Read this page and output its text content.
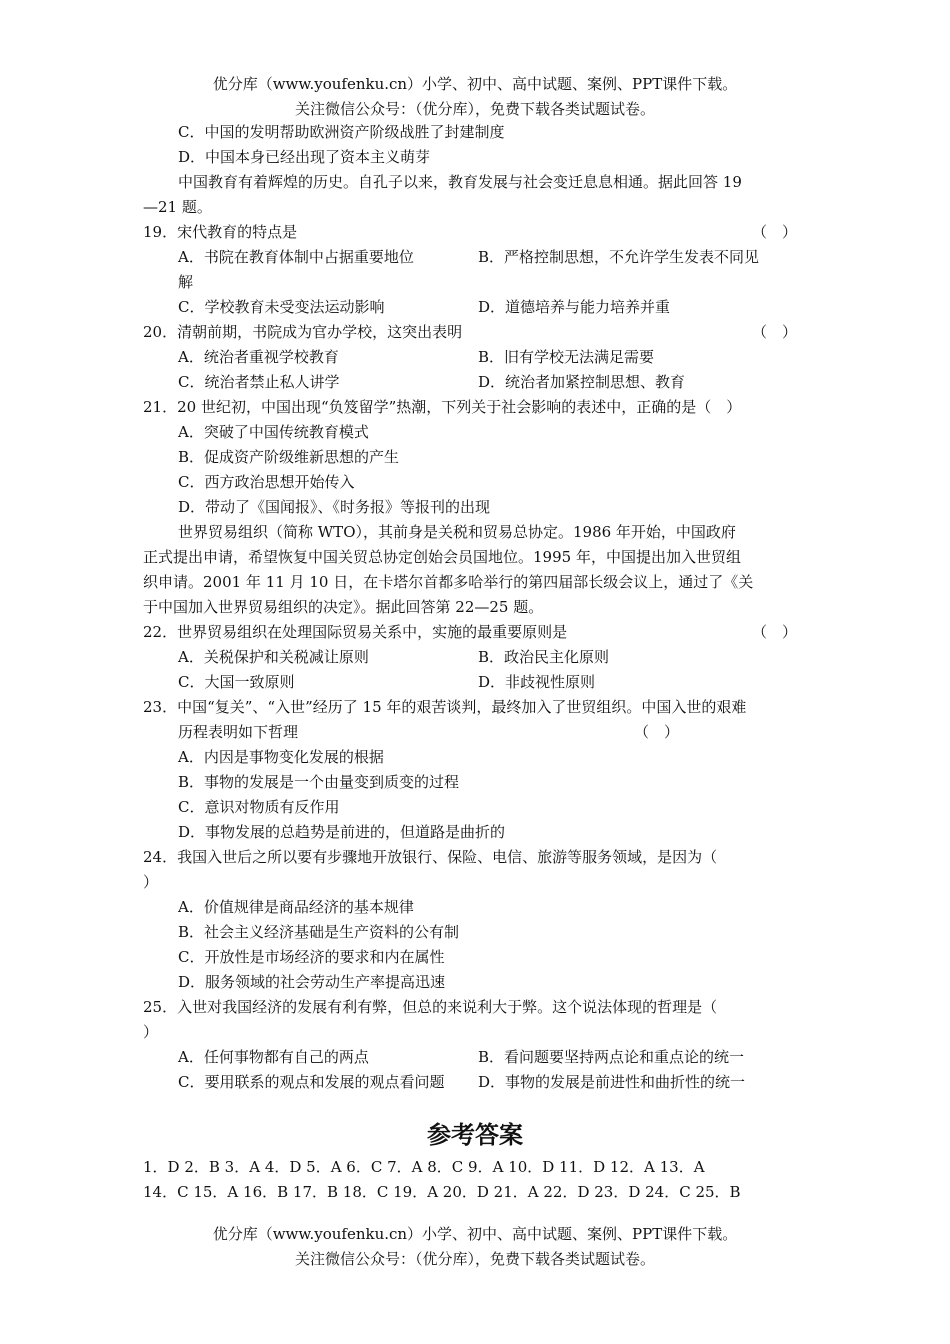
优分库（www.youfenku.cn）小学、初中、高中试题、案例、PPT课件下载。
关注微信公众号：（优分库），免费下载各类试题试卷。
C．中国的发明帮助欧洲资产阶级战胜了封建制度
D．中国本身已经出现了资本主义萌芽
中国教育有着辉煌的历史。自孔子以来，教育发展与社会变迁息息相通。据此回答 19
—21 题。
19．宋代教育的特点是	（　）
A．书院在教育体制中占据重要地位	B．严格控制思想，不允许学生发表不同见
解
C．学校教育未受变法运动影响	D．道德培养与能力培养并重
20．清朝前期，书院成为官办学校，这突出表明	（　）
A．统治者重视学校教育	B．旧有学校无法满足需要
C．统治者禁止私人讲学	D．统治者加紧控制思想、教育
21．20 世纪初，中国出现“负笈留学”热潮，下列关于社会影响的表述中，正确的是（　）
A．突破了中国传统教育模式
B．促成资产阶级维新思想的产生
C．西方政治思想开始传入
D．带动了《国闻报》、《时务报》等报刊的出现
世界贸易组织（简称 WTO），其前身是关税和贸易总协定。1986 年开始，中国政府
正式提出申请，希望恢复中国关贸总协定创始会员国地位。1995 年，中国提出加入世贸组
织申请。2001 年 11 月 10 日，在卡塔尔首都多哈举行的第四届部长级会议上，通过了《关
于中国加入世界贸易组织的决定》。据此回答第 22—25 题。
22．世界贸易组织在处理国际贸易关系中，实施的最重要原则是	（　）
A．关税保护和关税减让原则	B．政治民主化原则
C．大国一致原则	D．非歧视性原则
23．中国“复关”、“入世”经历了 15 年的艰苦谈判，最终加入了世贸组织。中国入世的艰难
历程表明如下哲理	（　）
A．内因是事物变化发展的根据
B．事物的发展是一个由量变到质变的过程
C．意识对物质有反作用
D．事物发展的总趋势是前进的，但道路是曲折的
24．我国入世后之所以要有步骤地开放银行、保险、电信、旅游等服务领域，是因为（
）
A．价值规律是商品经济的基本规律
B．社会主义经济基础是生产资料的公有制
C．开放性是市场经济的要求和内在属性
D．服务领域的社会劳动生产率提高迅速
25．入世对我国经济的发展有利有弊，但总的来说利大于弊。这个说法体现的哲理是（
）
A．任何事物都有自己的两点	B．看问题要坚持两点论和重点论的统一
C．要用联系的观点和发展的观点看问题	D．事物的发展是前进性和曲折性的统一
参考答案
1．D 2．B 3．A 4．D 5．A 6．C 7．A 8．C 9．A 10．D 11．D 12．A 13．A
14．C 15．A 16．B 17．B 18．C 19．A 20．D 21．A 22．D 23．D 24．C 25．B
优分库（www.youfenku.cn）小学、初中、高中试题、案例、PPT课件下载。
关注微信公众号：（优分库），免费下载各类试题试卷。
